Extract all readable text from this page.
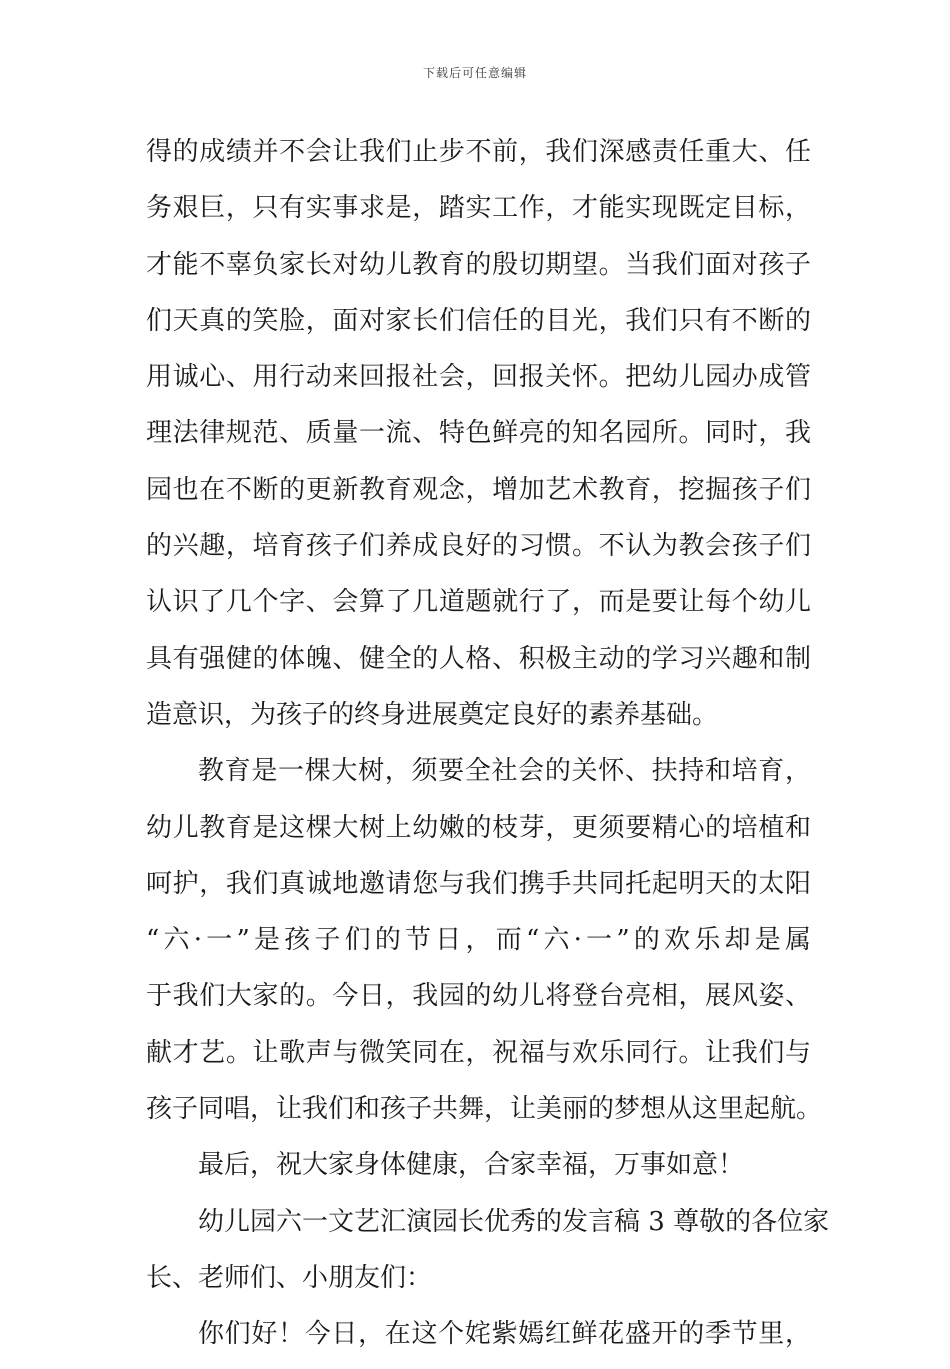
下载后可任意编辑
得的成绩并不会让我们止步不前，我们深感责任重大、任
务艰巨，只有实事求是，踏实工作，才能实现既定目标，
才能不辜负家长对幼儿教育的殷切期望。当我们面对孩子
们天真的笑脸，面对家长们信任的目光，我们只有不断的
用诚心、用行动来回报社会，回报关怀。把幼儿园办成管
理法律规范、质量一流、特色鲜亮的知名园所。同时，我
园也在不断的更新教育观念，增加艺术教育，挖掘孩子们
的兴趣，培育孩子们养成良好的习惯。不认为教会孩子们
认识了几个字、会算了几道题就行了，而是要让每个幼儿
具有强健的体魄、健全的人格、积极主动的学习兴趣和制
造意识，为孩子的终身进展奠定良好的素养基础。
教育是一棵大树，须要全社会的关怀、扶持和培育，
幼儿教育是这棵大树上幼嫩的枝芽，更须要精心的培植和
呵护，我们真诚地邀请您与我们携手共同托起明天的太阳
“六·一”是孩子们的节日，而“六·一”的欢乐却是属
于我们大家的。今日，我园的幼儿将登台亮相，展风姿、
献才艺。让歌声与微笑同在，祝福与欢乐同行。让我们与
孩子同唱，让我们和孩子共舞，让美丽的梦想从这里起航。
最后，祝大家身体健康，合家幸福，万事如意！
幼儿园六一文艺汇演园长优秀的发言稿 3 尊敬的各位家
长、老师们、小朋友们：
你们好！今日，在这个姹紫嫣红鲜花盛开的季节里，
